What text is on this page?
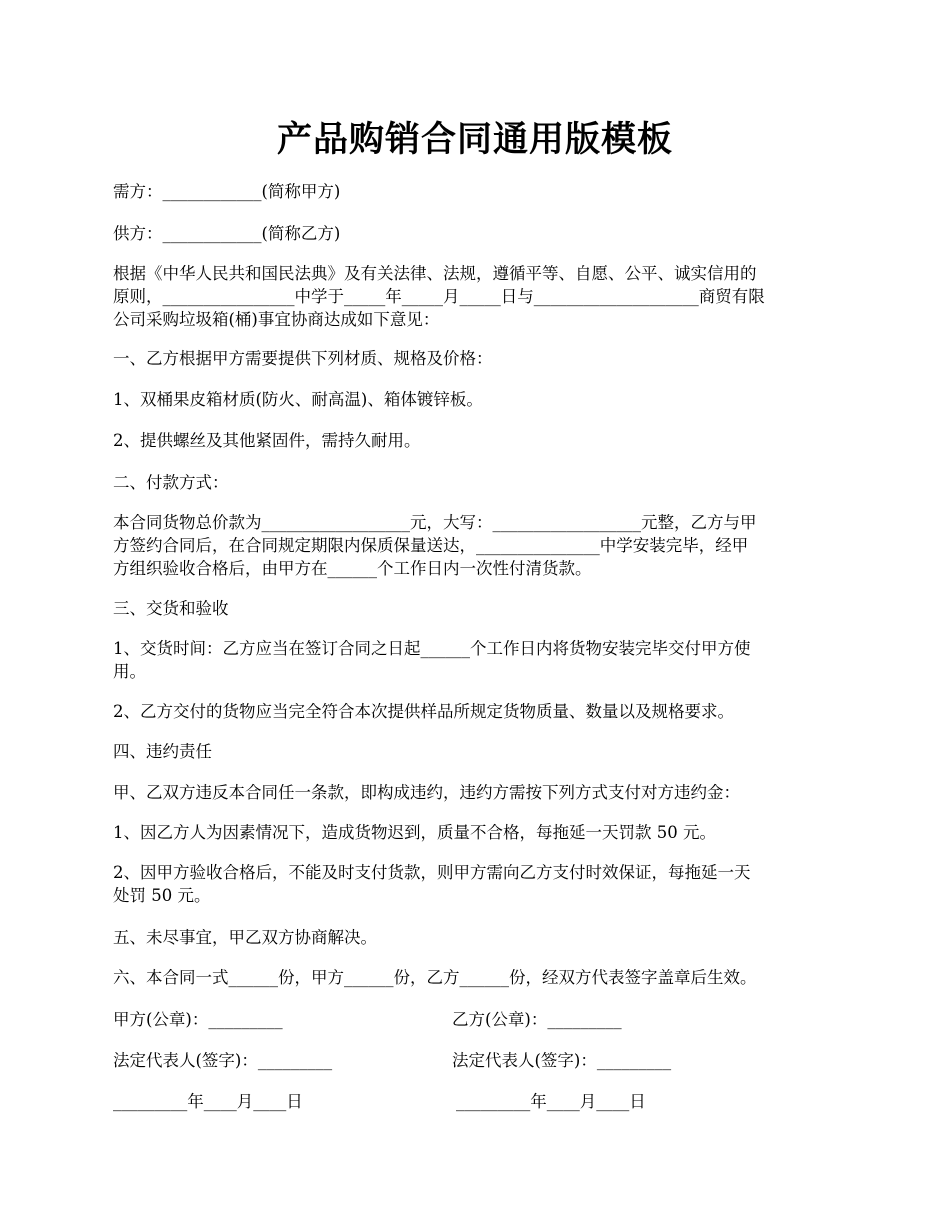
产品购销合同通用版模板

需方：____________(简称甲方)

供方：____________(简称乙方)

根据《中华人民共和国民法典》及有关法律、法规，遵循平等、自愿、公平、诚实信用的

原则，________________中学于_____年_____月_____日与____________________商贸有限

公司采购垃圾箱(桶)事宜协商达成如下意见：

一、乙方根据甲方需要提供下列材质、规格及价格：

1、双桶果皮箱材质(防火、耐高温)、箱体镀锌板。

2、提供螺丝及其他紧固件，需持久耐用。

二、付款方式：

本合同货物总价款为__________________元，大写：__________________元整，乙方与甲

方签约合同后，在合同规定期限内保质保量送达，_______________中学安装完毕，经甲

方组织验收合格后，由甲方在______个工作日内一次性付清货款。

三、交货和验收

1、交货时间：乙方应当在签订合同之日起______个工作日内将货物安装完毕交付甲方使

用。

2、乙方交付的货物应当完全符合本次提供样品所规定货物质量、数量以及规格要求。

四、违约责任

甲、乙双方违反本合同任一条款，即构成违约，违约方需按下列方式支付对方违约金：

1、因乙方人为因素情况下，造成货物迟到，质量不合格，每拖延一天罚款 50 元。

2、因甲方验收合格后，不能及时支付货款，则甲方需向乙方支付时效保证，每拖延一天

处罚 50 元。

五、未尽事宜，甲乙双方协商解决。

六、本合同一式______份，甲方______份，乙方______份，经双方代表签字盖章后生效。

甲方(公章)：_________	乙方(公章)：_________

法定代表人(签字)：_________	法定代表人(签字)：_________

_________年____月____日	_________年____月____日
